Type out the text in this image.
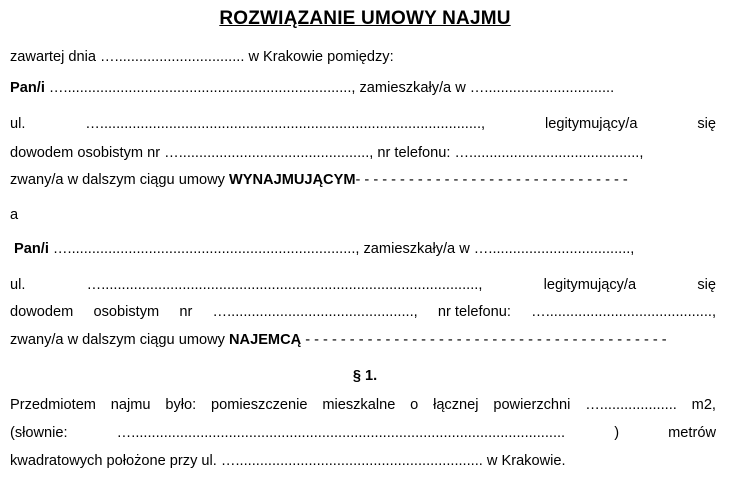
ROZWIĄZANIE UMOWY NAJMU
zawartej dnia …................................ w Krakowie pomiędzy:
Pan/i …......................................................................., zamieszkały/a w …................................
ul.	…..............................................................................................,	legitymujący/a	się
dowodem osobistym nr …..............................................., nr telefonu: …..........................................,
zwany/a w dalszym ciągu umowy WYNAJMUJĄCYM- - - - - - - - - - - - - - - - - - - - - - - - - - - - - - -
a
Pan/i …......................................................................., zamieszkały/a w …...................................,
ul.	….............................................................................................,	legitymujący/a	się
dowodem osobistym nr ….............................................., nr telefonu: ….........................................,
zwany/a w dalszym ciągu umowy NAJEMCĄ - - - - - - - - - - - - - - - - - - - - - - - - - - - - - - - - - - - - - - - - -
§ 1.
Przedmiotem najmu było: pomieszczenie mieszkalne o łącznej powierzchni …................... m2,
(słownie:	…...........................................................................................................	)	metrów
kwadratowych położone przy ul. …............................................................. w Krakowie.
